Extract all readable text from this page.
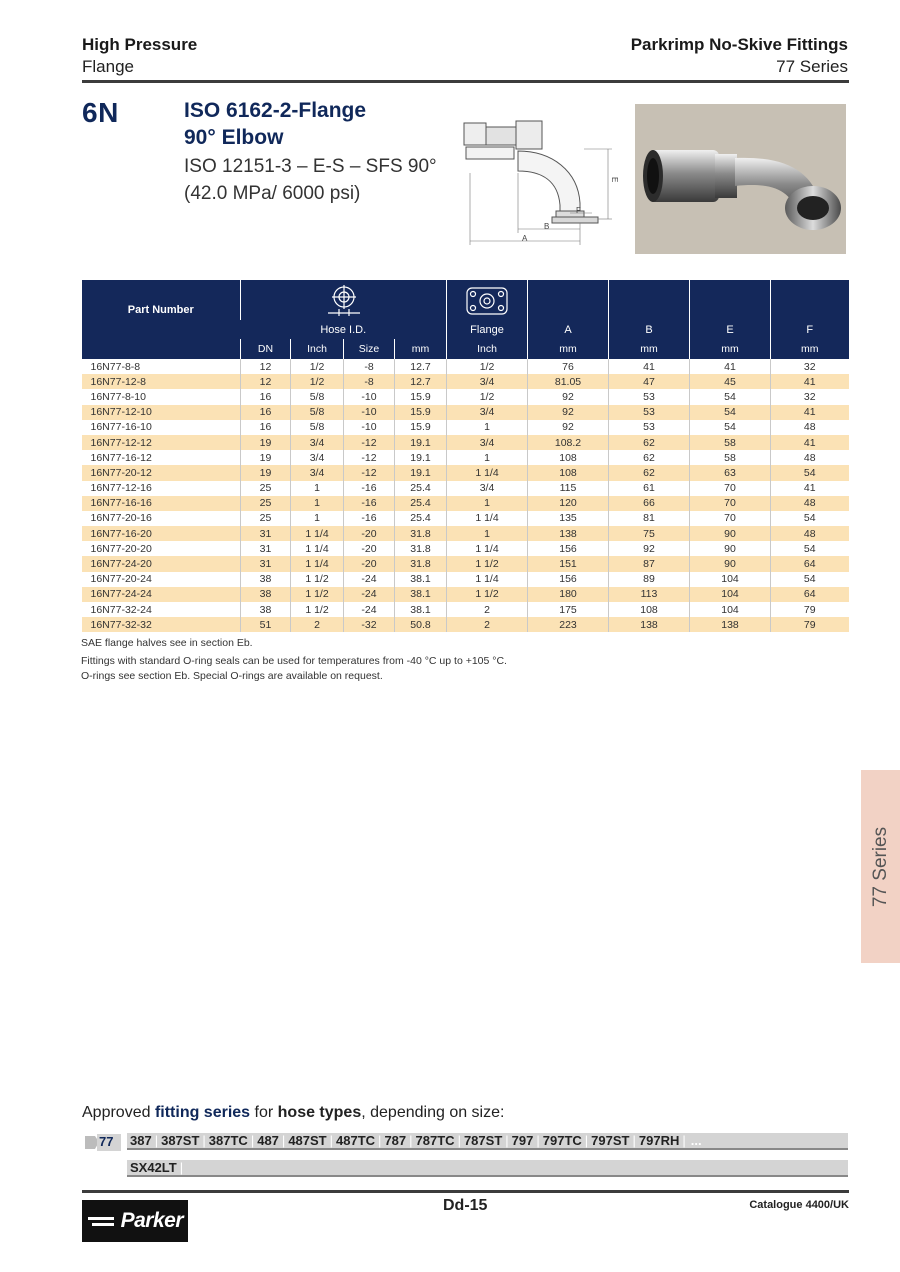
High Pressure
Flange
Parkrimp No-Skive Fittings
77 Series
6N	ISO 6162-2-Flange
90° Elbow
ISO 12151-3 – E-S – SFS 90°
(42.0 MPa/ 6000 psi)
A
B
F
E
Part Number	

	Hose I.D.				Flange	A	B	E	F
	DN	Inch	Size	mm	Inch	mm	mm	mm	mm
16N77-8-8	12	1/2	-8	12.7	1/2	76	41	41	32
16N77-12-8	12	1/2	-8	12.7	3/4	81.05	47	45	41
16N77-8-10	16	5/8	-10	15.9	1/2	92	53	54	32
16N77-12-10	16	5/8	-10	15.9	3/4	92	53	54	41
16N77-16-10	16	5/8	-10	15.9	1	92	53	54	48
16N77-12-12	19	3/4	-12	19.1	3/4	108.2	62	58	41
16N77-16-12	19	3/4	-12	19.1	1	108	62	58	48
16N77-20-12	19	3/4	-12	19.1	1 1/4	108	62	63	54
16N77-12-16	25	1	-16	25.4	3/4	115	61	70	41
16N77-16-16	25	1	-16	25.4	1	120	66	70	48
16N77-20-16	25	1	-16	25.4	1 1/4	135	81	70	54
16N77-16-20	31	1 1/4	-20	31.8	1	138	75	90	48
16N77-20-20	31	1 1/4	-20	31.8	1 1/4	156	92	90	54
16N77-24-20	31	1 1/4	-20	31.8	1 1/2	151	87	90	64
16N77-20-24	38	1 1/2	-24	38.1	1 1/4	156	89	104	54
16N77-24-24	38	1 1/2	-24	38.1	1 1/2	180	113	104	64
16N77-32-24	38	1 1/2	-24	38.1	2	175	108	104	79
16N77-32-32	51	2	-32	50.8	2	223	138	138	79

SAE flange halves see in section Eb.

Fittings with standard O-ring seals can be used for temperatures from -40 °C up to +105 °C.

O-rings see section Eb. Special O-rings are available on request.

77 Series
Approved fitting series for hose types, depending on size:
77 387 | 387ST | 387TC | 487 | 487ST | 487TC | 787 | 787TC | 787ST | 797 | 797TC | 797ST | 797RH | ...
SX42LT |
Parker
Dd-15	Catalogue 4400/UK
